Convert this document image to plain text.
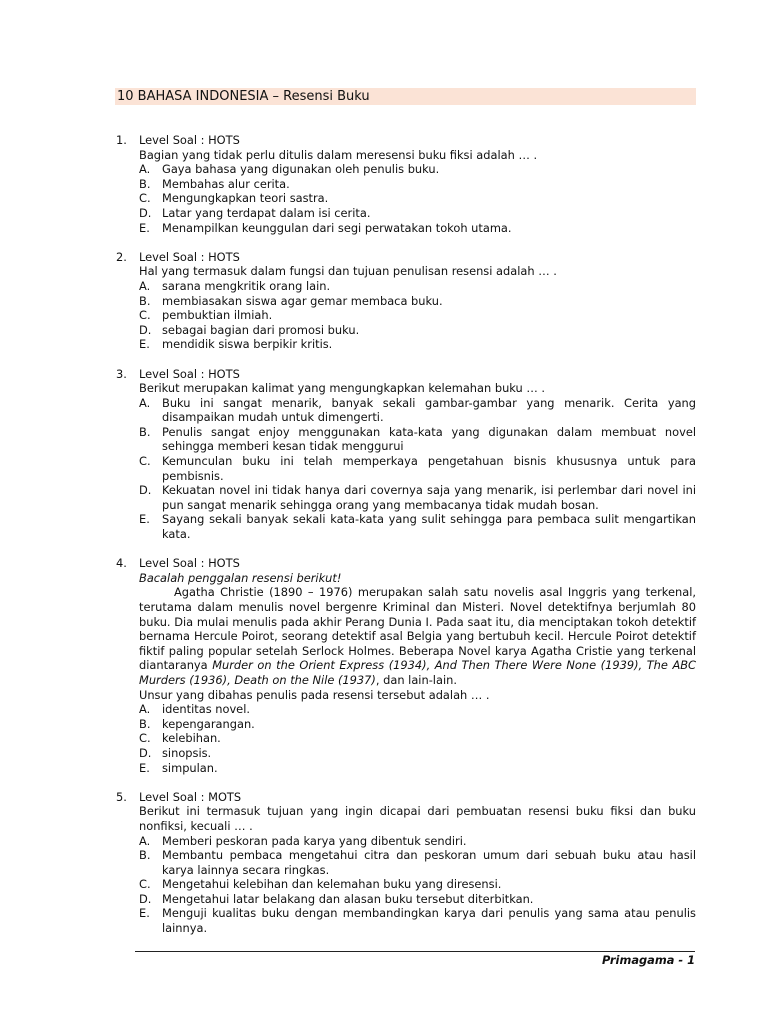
10 BAHASA INDONESIA – Resensi Buku
1. Level Soal : HOTS
Bagian yang tidak perlu ditulis dalam meresensi buku fiksi adalah … .
A. Gaya bahasa yang digunakan oleh penulis buku.
B. Membahas alur cerita.
C. Mengungkapkan teori sastra.
D. Latar yang terdapat dalam isi cerita.
E. Menampilkan keunggulan dari segi perwatakan tokoh utama.
2. Level Soal : HOTS
Hal yang termasuk dalam fungsi dan tujuan penulisan resensi adalah … .
A. sarana mengkritik orang lain.
B. membiasakan siswa agar gemar membaca buku.
C. pembuktian ilmiah.
D. sebagai bagian dari promosi buku.
E. mendidik siswa berpikir kritis.
3. Level Soal : HOTS
Berikut merupakan kalimat yang mengungkapkan kelemahan buku … .
A. Buku ini sangat menarik, banyak sekali gambar-gambar yang menarik. Cerita yang disampaikan mudah untuk dimengerti.
B. Penulis sangat enjoy menggunakan kata-kata yang digunakan dalam membuat novel sehingga memberi kesan tidak menggurui
C. Kemunculan buku ini telah memperkaya pengetahuan bisnis khususnya untuk para pembisnis.
D. Kekuatan novel ini tidak hanya dari covernya saja yang menarik, isi perlembar dari novel ini pun sangat menarik sehingga orang yang membacanya tidak mudah bosan.
E. Sayang sekali banyak sekali kata-kata yang sulit sehingga para pembaca sulit mengartikan kata.
4. Level Soal : HOTS
Bacalah penggalan resensi berikut!
Agatha Christie (1890 – 1976) merupakan salah satu novelis asal Inggris yang terkenal, terutama dalam menulis novel bergenre Kriminal dan Misteri. Novel detektifnya berjumlah 80 buku. Dia mulai menulis pada akhir Perang Dunia I. Pada saat itu, dia menciptakan tokoh detektif bernama Hercule Poirot, seorang detektif asal Belgia yang bertubuh kecil. Hercule Poirot detektif fiktif paling popular setelah Serlock Holmes. Beberapa Novel karya Agatha Cristie yang terkenal diantaranya Murder on the Orient Express (1934), And Then There Were None (1939), The ABC Murders (1936), Death on the Nile (1937), dan lain-lain.
Unsur yang dibahas penulis pada resensi tersebut adalah … .
A. identitas novel.
B. kepengarangan.
C. kelebihan.
D. sinopsis.
E. simpulan.
5. Level Soal : MOTS
Berikut ini termasuk tujuan yang ingin dicapai dari pembuatan resensi buku fiksi dan buku nonfiksi, kecuali … .
A. Memberi peskoran pada karya yang dibentuk sendiri.
B. Membantu pembaca mengetahui citra dan peskoran umum dari sebuah buku atau hasil karya lainnya secara ringkas.
C. Mengetahui kelebihan dan kelemahan buku yang diresensi.
D. Mengetahui latar belakang dan alasan buku tersebut diterbitkan.
E. Menguji kualitas buku dengan membandingkan karya dari penulis yang sama atau penulis lainnya.
Primagama - 1
